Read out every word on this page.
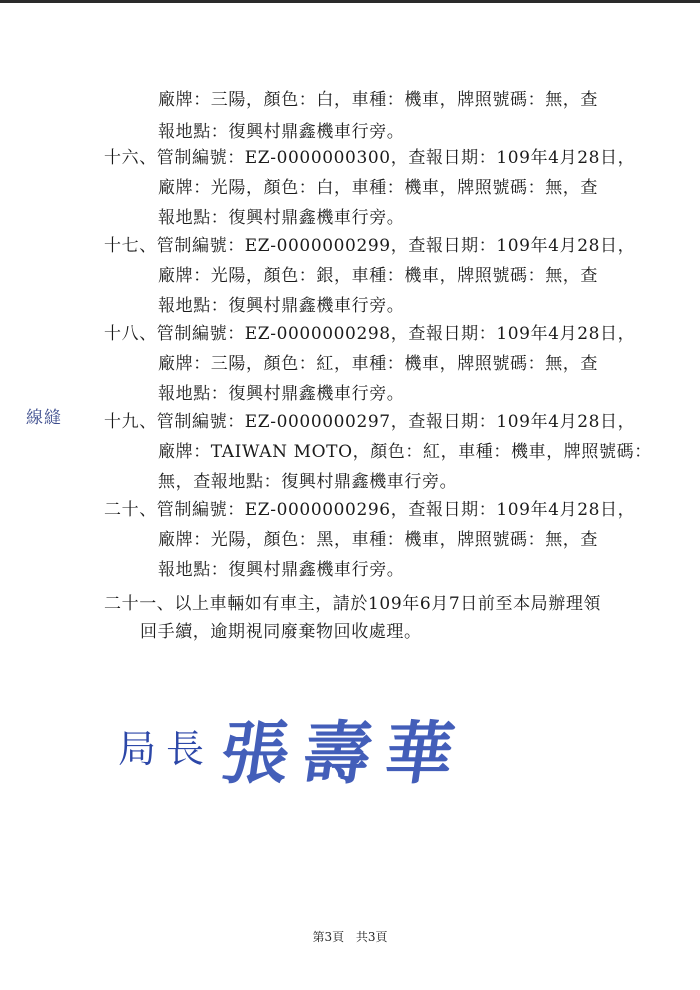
廠牌：三陽，顏色：白，車種：機車，牌照號碼：無，查
報地點：復興村鼎鑫機車行旁。
十六、管制編號：EZ-0000000300，查報日期：109年4月28日，
廠牌：光陽，顏色：白，車種：機車，牌照號碼：無，查
報地點：復興村鼎鑫機車行旁。
十七、管制編號：EZ-0000000299，查報日期：109年4月28日，
廠牌：光陽，顏色：銀，車種：機車，牌照號碼：無，查
報地點：復興村鼎鑫機車行旁。
十八、管制編號：EZ-0000000298，查報日期：109年4月28日，
廠牌：三陽，顏色：紅，車種：機車，牌照號碼：無，查
報地點：復興村鼎鑫機車行旁。
十九、管制編號：EZ-0000000297，查報日期：109年4月28日，
廠牌：TAIWAN MOTO，顏色：紅，車種：機車，牌照號碼：
無，查報地點：復興村鼎鑫機車行旁。
二十、管制編號：EZ-0000000296，查報日期：109年4月28日，
廠牌：光陽，顏色：黑，車種：機車，牌照號碼：無，查
報地點：復興村鼎鑫機車行旁。
二十一、以上車輛如有車主，請於109年6月7日前至本局辦理領
回手續，逾期視同廢棄物回收處理。
線
縫
局長 張壽華
第3頁 共3頁
